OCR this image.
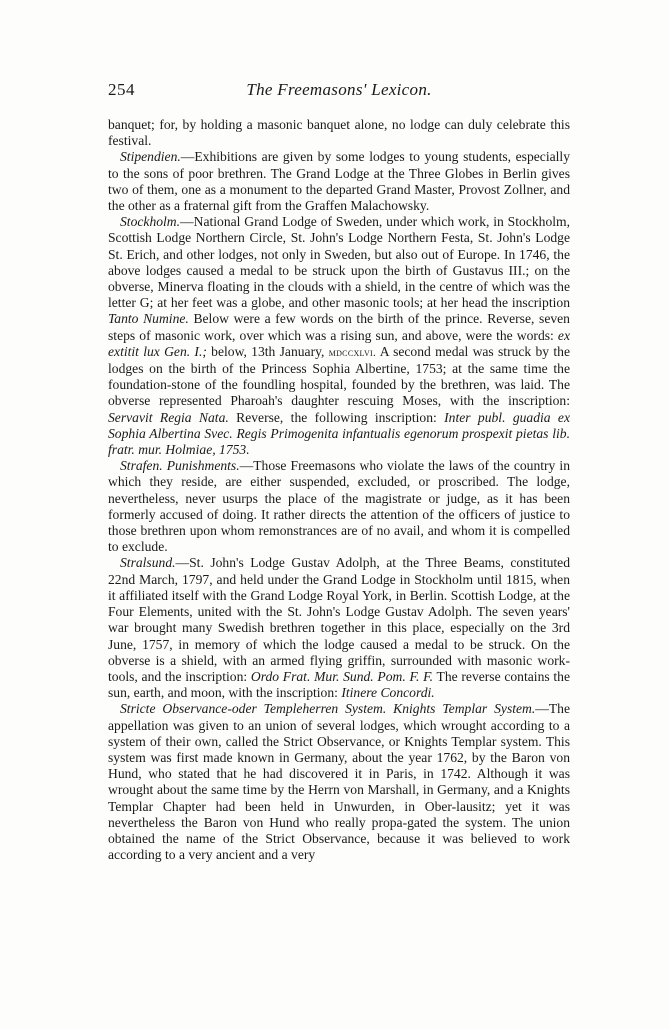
254	The Freemasons' Lexicon.

banquet; for, by holding a masonic banquet alone, no lodge can duly celebrate this festival.

Stipendien.—Exhibitions are given by some lodges to young students, especially to the sons of poor brethren. The Grand Lodge at the Three Globes in Berlin gives two of them, one as a monument to the departed Grand Master, Provost Zollner, and the other as a fraternal gift from the Graffen Malachowsky.

Stockholm.—National Grand Lodge of Sweden, under which work, in Stockholm, Scottish Lodge Northern Circle, St. John's Lodge Northern Festa, St. John's Lodge St. Erich, and other lodges, not only in Sweden, but also out of Europe. In 1746, the above lodges caused a medal to be struck upon the birth of Gustavus III.; on the obverse, Minerva floating in the clouds with a shield, in the centre of which was the letter G; at her feet was a globe, and other masonic tools; at her head the inscription Tanto Numine. Below were a few words on the birth of the prince. Reverse, seven steps of masonic work, over which was a rising sun, and above, were the words: ex extitit lux Gen. I.; below, 13th January, mdccxlvi. A second medal was struck by the lodges on the birth of the Princess Sophia Albertine, 1753; at the same time the foundation-stone of the foundling hospital, founded by the brethren, was laid. The obverse represented Pharoah's daughter rescuing Moses, with the inscription: Servavit Regia Nata. Reverse, the following inscription: Inter publ. guadia ex Sophia Albertina Svec. Regis Primogenita infantualis egenorum prospexit pietas lib. fratr. mur. Holmiae, 1753.

Strafen. Punishments.—Those Freemasons who violate the laws of the country in which they reside, are either suspended, excluded, or proscribed. The lodge, nevertheless, never usurps the place of the magistrate or judge, as it has been formerly accused of doing. It rather directs the attention of the officers of justice to those brethren upon whom remonstrances are of no avail, and whom it is compelled to exclude.

Stralsund.—St. John's Lodge Gustav Adolph, at the Three Beams, constituted 22nd March, 1797, and held under the Grand Lodge in Stockholm until 1815, when it affiliated itself with the Grand Lodge Royal York, in Berlin. Scottish Lodge, at the Four Elements, united with the St. John's Lodge Gustav Adolph. The seven years' war brought many Swedish brethren together in this place, especially on the 3rd June, 1757, in memory of which the lodge caused a medal to be struck. On the obverse is a shield, with an armed flying griffin, surrounded with masonic work-tools, and the inscription: Ordo Frat. Mur. Sund. Pom. F. F. The reverse contains the sun, earth, and moon, with the inscription: Itinere Concordi.

Stricte Observance-oder Templeherren System. Knights Templar System.—The appellation was given to an union of several lodges, which wrought according to a system of their own, called the Strict Observance, or Knights Templar system. This system was first made known in Germany, about the year 1762, by the Baron von Hund, who stated that he had discovered it in Paris, in 1742. Although it was wrought about the same time by the Herrn von Marshall, in Germany, and a Knights Templar Chapter had been held in Unwurden, in Ober-lausitz; yet it was nevertheless the Baron von Hund who really propa-gated the system. The union obtained the name of the Strict Observance, because it was believed to work according to a very ancient and a very
